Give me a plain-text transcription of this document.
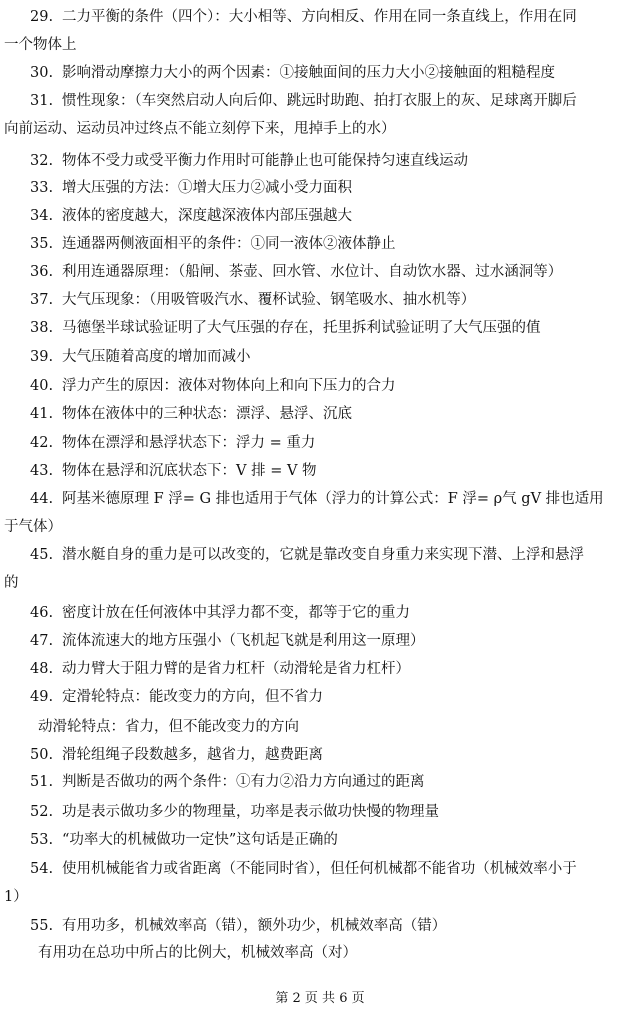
29. 二力平衡的条件（四个）：大小相等、方向相反、作用在同一条直线上，作用在同
一个物体上
30. 影响滑动摩擦力大小的两个因素：①接触面间的压力大小②接触面的粗糙程度
31. 惯性现象：（车突然启动人向后仰、跳远时助跑、拍打衣服上的灰、足球离开脚后
向前运动、运动员冲过终点不能立刻停下来，甩掉手上的水）
32. 物体不受力或受平衡力作用时可能静止也可能保持匀速直线运动
33. 增大压强的方法：①增大压力②减小受力面积
34. 液体的密度越大，深度越深液体内部压强越大
35. 连通器两侧液面相平的条件：①同一液体②液体静止
36. 利用连通器原理：（船闸、茶壶、回水管、水位计、自动饮水器、过水涵洞等）
37. 大气压现象：（用吸管吸汽水、覆杯试验、钢笔吸水、抽水机等）
38. 马德堡半球试验证明了大气压强的存在，托里拆利试验证明了大气压强的值
39. 大气压随着高度的增加而减小
40. 浮力产生的原因：液体对物体向上和向下压力的合力
41. 物体在液体中的三种状态：漂浮、悬浮、沉底
42. 物体在漂浮和悬浮状态下：浮力 = 重力
43. 物体在悬浮和沉底状态下：V 排 = V 物
44. 阿基米德原理 F 浮= G 排也适用于气体（浮力的计算公式：F 浮= ρ气 gV 排也适用
于气体）
45. 潜水艇自身的重力是可以改变的，它就是靠改变自身重力来实现下潜、上浮和悬浮
的
46. 密度计放在任何液体中其浮力都不变，都等于它的重力
47. 流体流速大的地方压强小（飞机起飞就是利用这一原理）
48. 动力臂大于阻力臂的是省力杠杆（动滑轮是省力杠杆）
49. 定滑轮特点：能改变力的方向，但不省力
动滑轮特点：省力，但不能改变力的方向
50. 滑轮组绳子段数越多，越省力，越费距离
51. 判断是否做功的两个条件：①有力②沿力方向通过的距离
52. 功是表示做功多少的物理量，功率是表示做功快慢的物理量
53. “功率大的机械做功一定快”这句话是正确的
54. 使用机械能省力或省距离（不能同时省），但任何机械都不能省功（机械效率小于
1）
55. 有用功多，机械效率高（错），额外功少，机械效率高（错）
有用功在总功中所占的比例大，机械效率高（对）
第 2 页 共 6 页
